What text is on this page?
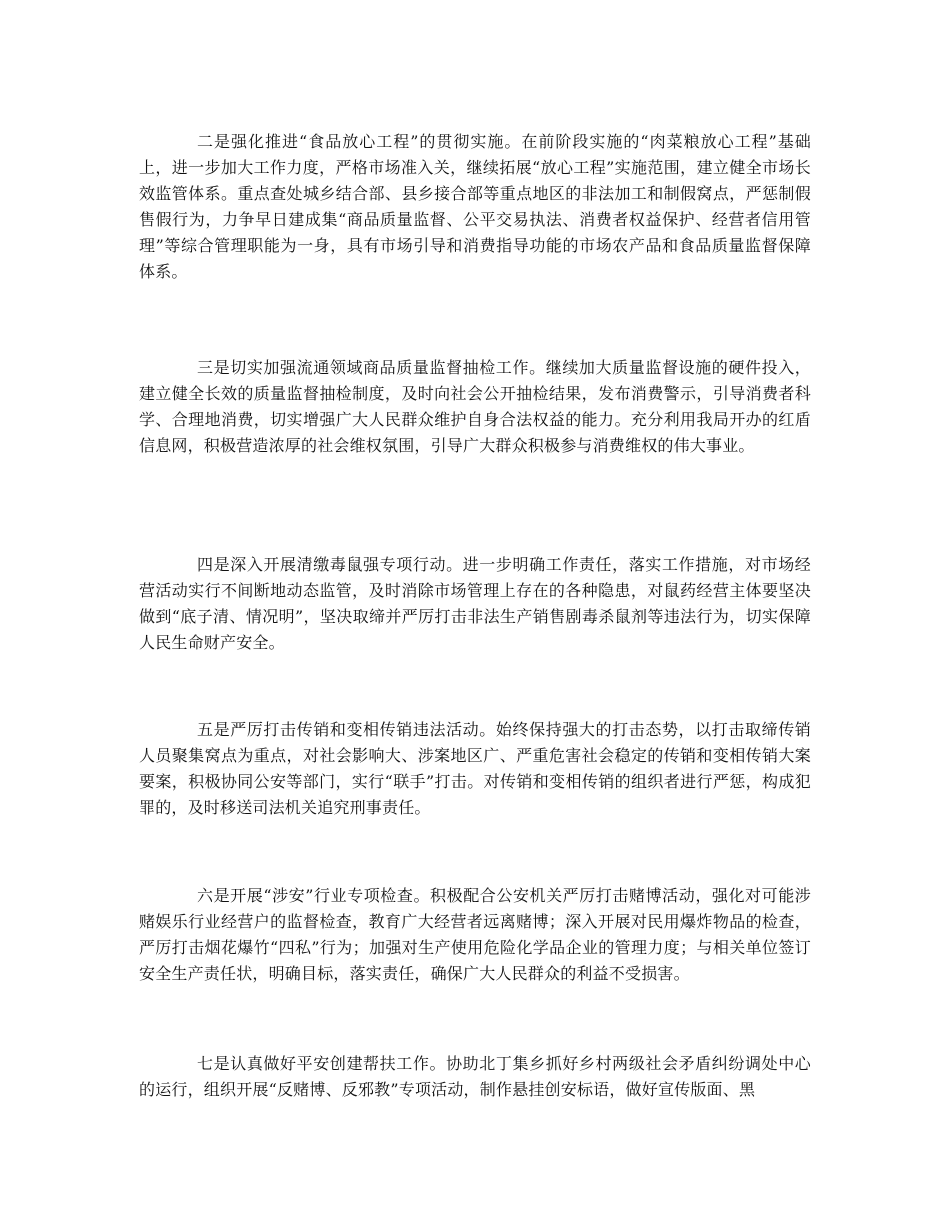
二是强化推进“食品放心工程”的贯彻实施。在前阶段实施的“肉菜粮放心工程”基础上，进一步加大工作力度，严格市场准入关，继续拓展“放心工程”实施范围，建立健全市场长效监管体系。重点查处城乡结合部、县乡接合部等重点地区的非法加工和制假窝点，严惩制假售假行为，力争早日建成集“商品质量监督、公平交易执法、消费者权益保护、经营者信用管理”等综合管理职能为一身，具有市场引导和消费指导功能的市场农产品和食品质量监督保障体系。

三是切实加强流通领域商品质量监督抽检工作。继续加大质量监督设施的硬件投入，建立健全长效的质量监督抽检制度，及时向社会公开抽检结果，发布消费警示，引导消费者科学、合理地消费，切实增强广大人民群众维护自身合法权益的能力。充分利用我局开办的红盾信息网，积极营造浓厚的社会维权氛围，引导广大群众积极参与消费维权的伟大事业。

四是深入开展清缴毒鼠强专项行动。进一步明确工作责任，落实工作措施，对市场经营活动实行不间断地动态监管，及时消除市场管理上存在的各种隐患，对鼠药经营主体要坚决做到“底子清、情况明”，坚决取缔并严厉打击非法生产销售剧毒杀鼠剂等违法行为，切实保障人民生命财产安全。

五是严厉打击传销和变相传销违法活动。始终保持强大的打击态势，以打击取缔传销人员聚集窝点为重点，对社会影响大、涉案地区广、严重危害社会稳定的传销和变相传销大案要案，积极协同公安等部门，实行“联手”打击。对传销和变相传销的组织者进行严惩，构成犯罪的，及时移送司法机关追究刑事责任。

六是开展“涉安”行业专项检查。积极配合公安机关严厉打击赌博活动，强化对可能涉赌娱乐行业经营户的监督检查，教育广大经营者远离赌博；深入开展对民用爆炸物品的检查，严厉打击烟花爆竹“四私”行为；加强对生产使用危险化学品企业的管理力度；与相关单位签订安全生产责任状，明确目标，落实责任，确保广大人民群众的利益不受损害。

七是认真做好平安创建帮扶工作。协助北丁集乡抓好乡村两级社会矛盾纠纷调处中心的运行，组织开展“反赌博、反邪教”专项活动，制作悬挂创安标语，做好宣传版面、黑
